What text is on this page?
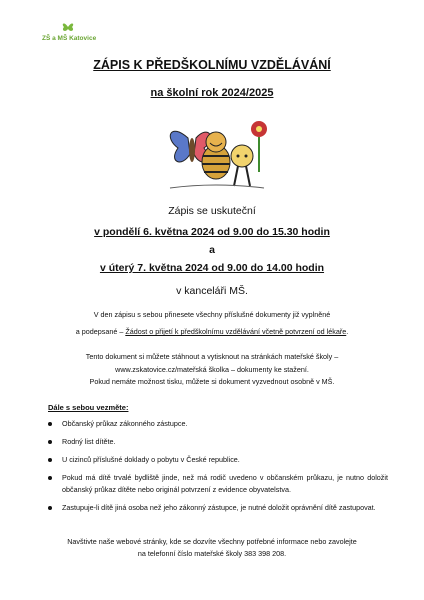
ZŠ a MŠ Katovice
ZÁPIS K PŘEDŠKOLNÍMU VZDĚLÁVÁNÍ
na školní rok 2024/2025
Zápis se uskuteční
v pondělí 6. května 2024 od 9.00 do 15.30 hodin
a
v úterý 7. května 2024 od 9.00 do 14.00 hodin
v kanceláři MŠ.
V den zápisu s sebou přinesete všechny příslušné dokumenty již vyplněné
a podepsané – Žádost o přijetí k předškolnímu vzdělávání včetně potvrzení od lékaře.
Tento dokument si můžete stáhnout a vytisknout na stránkách mateřské školy –
www.zskatovice.cz/mateřská školka – dokumenty ke stažení.
Pokud nemáte možnost tisku, můžete si dokument vyzvednout osobně v MŠ.
Dále s sebou vezměte:
Občanský průkaz zákonného zástupce.
Rodný list dítěte.
U cizinců příslušné doklady o pobytu v České republice.
Pokud má dítě trvalé bydliště jinde, než má rodič uvedeno v občanském průkazu, je nutno doložit občanský průkaz dítěte nebo originál potvrzení z evidence obyvatelstva.
Zastupuje-li dítě jiná osoba než jeho zákonný zástupce, je nutné doložit oprávnění dítě zastupovat.
Navštivte naše webové stránky, kde se dozvíte všechny potřebné informace nebo zavolejte
na telefonní číslo mateřské školy 383 398 208.
